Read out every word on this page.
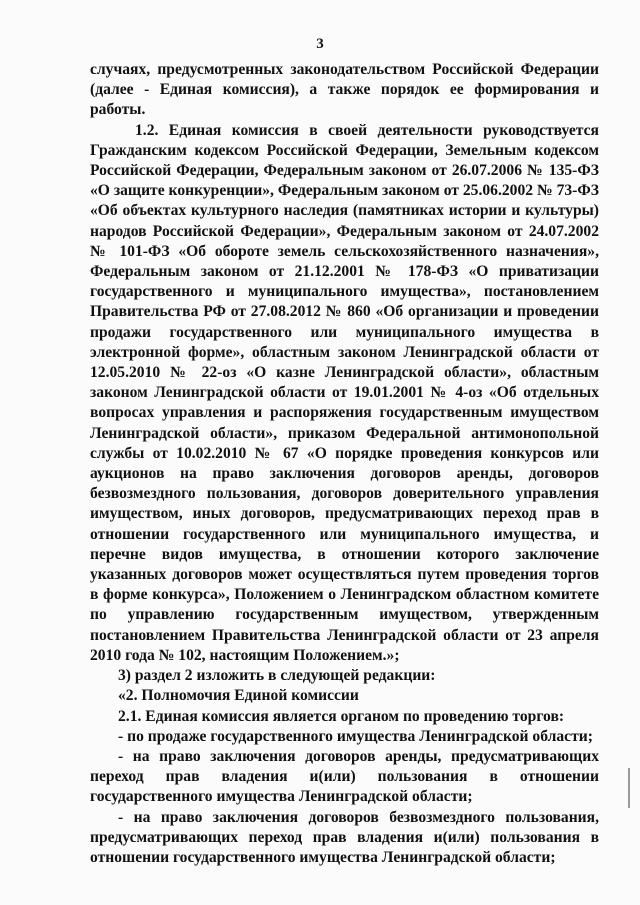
3

случаях, предусмотренных законодательством Российской Федерации (далее - Единая комиссия), а также порядок ее формирования и работы.

1.2. Единая комиссия в своей деятельности руководствуется Гражданским кодексом Российской Федерации, Земельным кодексом Российской Федерации, Федеральным законом от 26.07.2006 № 135-ФЗ «О защите конкуренции», Федеральным законом от 25.06.2002 № 73-ФЗ «Об объектах культурного наследия (памятниках истории и культуры) народов Российской Федерации», Федеральным законом от 24.07.2002 № 101-ФЗ «Об обороте земель сельскохозяйственного назначения», Федеральным законом от 21.12.2001 № 178-ФЗ «О приватизации государственного и муниципального имущества», постановлением Правительства РФ от 27.08.2012 № 860 «Об организации и проведении продажи государственного или муниципального имущества в электронной форме», областным законом Ленинградской области от 12.05.2010 № 22-оз «О казне Ленинградской области», областным законом Ленинградской области от 19.01.2001 № 4-оз «Об отдельных вопросах управления и распоряжения государственным имуществом Ленинградской области», приказом Федеральной антимонопольной службы от 10.02.2010 № 67 «О порядке проведения конкурсов или аукционов на право заключения договоров аренды, договоров безвозмездного пользования, договоров доверительного управления имуществом, иных договоров, предусматривающих переход прав в отношении государственного или муниципального имущества, и перечне видов имущества, в отношении которого заключение указанных договоров может осуществляться путем проведения торгов в форме конкурса», Положением о Ленинградском областном комитете по управлению государственным имуществом, утвержденным постановлением Правительства Ленинградской области от 23 апреля 2010 года № 102, настоящим Положением.»;

3) раздел 2 изложить в следующей редакции:

«2. Полномочия Единой комиссии

2.1. Единая комиссия является органом по проведению торгов:

- по продаже государственного имущества Ленинградской области;

- на право заключения договоров аренды, предусматривающих переход прав владения и(или) пользования в отношении государственного имущества Ленинградской области;

- на право заключения договоров безвозмездного пользования, предусматривающих переход прав владения и(или) пользования в отношении государственного имущества Ленинградской области;
